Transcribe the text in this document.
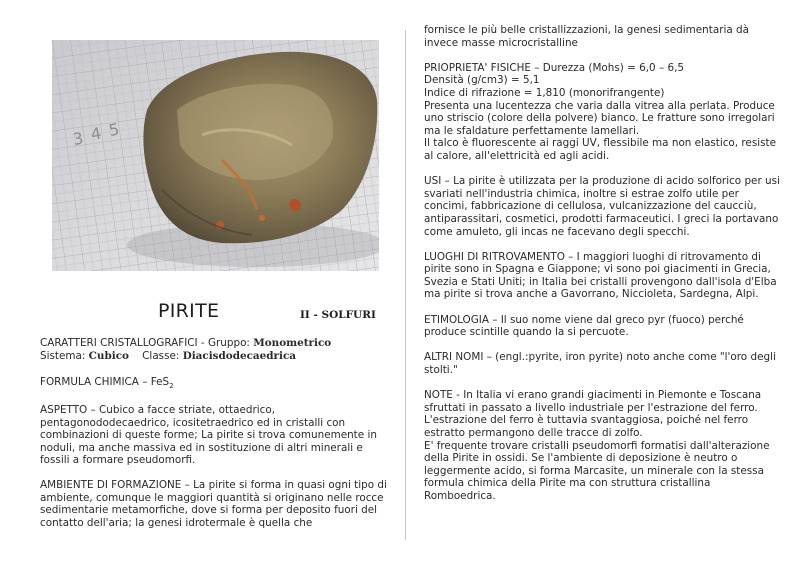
3 4 5
PIRITE	II - SOLFURI

CARATTERI CRISTALLOGRAFICI - Gruppo: Monometrico

Sistema: Cubico Classe: Diacisdodecaedrica

FORMULA CHIMICA – FeS$_2$

ASPETTO – Cubico a facce striate, ottaedrico, pentagonododecaedrico, icositetraedrico ed in cristalli con combinazioni di queste forme; La pirite si trova comunemente in noduli, ma anche massiva ed in sostituzione di altri minerali e fossili a formare pseudomorfi.

AMBIENTE DI FORMAZIONE – La pirite si forma in quasi ogni tipo di ambiente, comunque le maggiori quantità si originano nelle rocce sedimentarie metamorfiche, dove si forma per deposito fuori del contatto dell'aria; la genesi idrotermale è quella che

fornisce le più belle cristallizzazioni, la genesi sedimentaria dà invece masse microcristalline

PRIOPRIETA' FISICHE – Durezza (Mohs) = 6,0 – 6,5

Densità (g/cm3) = 5,1

Indice di rifrazione = 1,810 (monorifrangente)

Presenta una lucentezza che varia dalla vitrea alla perlata. Produce uno striscio (colore della polvere) bianco. Le fratture sono irregolari ma le sfaldature perfettamente lamellari.

Il talco è fluorescente ai raggi UV, flessibile ma non elastico, resiste al calore, all'elettricità ed agli acidi.

USI – La pirite è utilizzata per la produzione di acido solforico per usi svariati nell'industria chimica, inoltre si estrae zolfo utile per concimi, fabbricazione di cellulosa, vulcanizzazione del caucciù, antiparassitari, cosmetici, prodotti farmaceutici. I greci la portavano come amuleto, gli incas ne facevano degli specchi.

LUOGHI DI RITROVAMENTO – I maggiori luoghi di ritrovamento di pirite sono in Spagna e Giappone; vi sono poi giacimenti in Grecia, Svezia e Stati Uniti; in Italia bei cristalli provengono dall'isola d'Elba ma pirite si trova anche a Gavorrano, Niccioleta, Sardegna, Alpi.

ETIMOLOGIA – Il suo nome viene dal greco pyr (fuoco) perché produce scintille quando la si percuote.

ALTRI NOMI – (engl.:pyrite, iron pyrite) noto anche come "l'oro degli stolti."

NOTE - In Italia vi erano grandi giacimenti in Piemonte e Toscana sfruttati in passato a livello industriale per l'estrazione del ferro. L'estrazione del ferro è tuttavia svantaggiosa, poiché nel ferro estratto permangono delle tracce di zolfo.

E' frequente trovare cristalli pseudomorfi formatisi dall'alterazione della Pirite in ossidi. Se l'ambiente di deposizione è neutro o leggermente acido, si forma Marcasite, un minerale con la stessa formula chimica della Pirite ma con struttura cristallina Romboedrica.
